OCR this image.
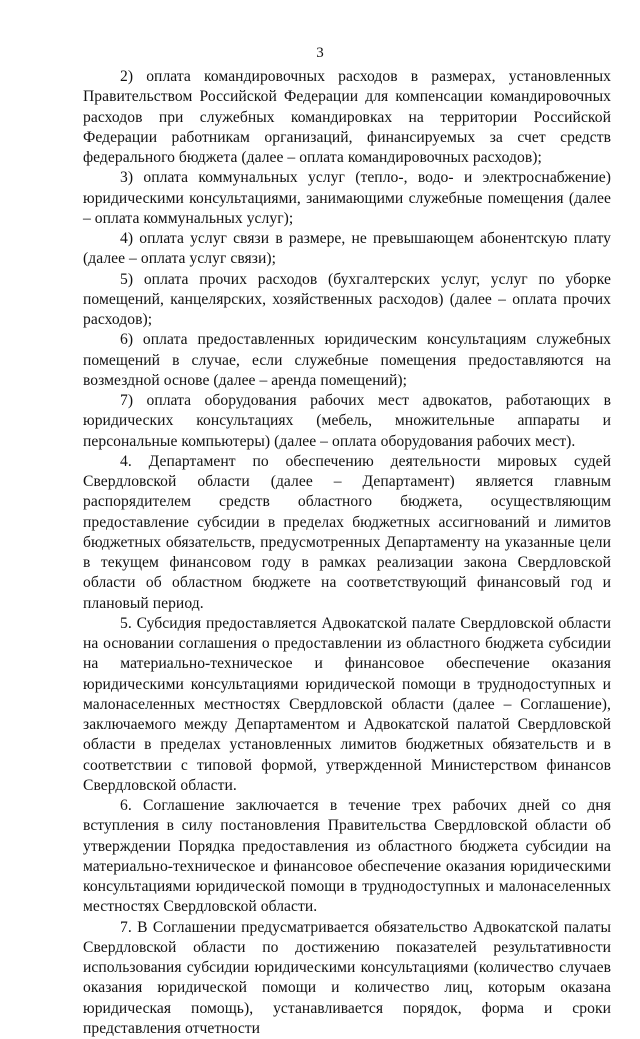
3

2) оплата командировочных расходов в размерах, установленных Правительством Российской Федерации для компенсации командировочных расходов при служебных командировках на территории Российской Федерации работникам организаций, финансируемых за счет средств федерального бюджета (далее – оплата командировочных расходов);

3) оплата коммунальных услуг (тепло-, водо- и электроснабжение) юридическими консультациями, занимающими служебные помещения (далее – оплата коммунальных услуг);

4) оплата услуг связи в размере, не превышающем абонентскую плату (далее – оплата услуг связи);

5) оплата прочих расходов (бухгалтерских услуг, услуг по уборке помещений, канцелярских, хозяйственных расходов) (далее – оплата прочих расходов);

6) оплата предоставленных юридическим консультациям служебных помещений в случае, если служебные помещения предоставляются на возмездной основе (далее – аренда помещений);

7) оплата оборудования рабочих мест адвокатов, работающих в юридических консультациях (мебель, множительные аппараты и персональные компьютеры) (далее – оплата оборудования рабочих мест).

4. Департамент по обеспечению деятельности мировых судей Свердловской области (далее – Департамент) является главным распорядителем средств областного бюджета, осуществляющим предоставление субсидии в пределах бюджетных ассигнований и лимитов бюджетных обязательств, предусмотренных Департаменту на указанные цели в текущем финансовом году в рамках реализации закона Свердловской области об областном бюджете на соответствующий финансовый год и плановый период.

5. Субсидия предоставляется Адвокатской палате Свердловской области на основании соглашения о предоставлении из областного бюджета субсидии на материально-техническое и финансовое обеспечение оказания юридическими консультациями юридической помощи в труднодоступных и малонаселенных местностях Свердловской области (далее – Соглашение), заключаемого между Департаментом и Адвокатской палатой Свердловской области в пределах установленных лимитов бюджетных обязательств и в соответствии с типовой формой, утвержденной Министерством финансов Свердловской области.

6. Соглашение заключается в течение трех рабочих дней со дня вступления в силу постановления Правительства Свердловской области об утверждении Порядка предоставления из областного бюджета субсидии на материально-техническое и финансовое обеспечение оказания юридическими консультациями юридической помощи в труднодоступных и малонаселенных местностях Свердловской области.

7. В Соглашении предусматривается обязательство Адвокатской палаты Свердловской области по достижению показателей результативности использования субсидии юридическими консультациями (количество случаев оказания юридической помощи и количество лиц, которым оказана юридическая помощь), устанавливается порядок, форма и сроки представления отчетности
